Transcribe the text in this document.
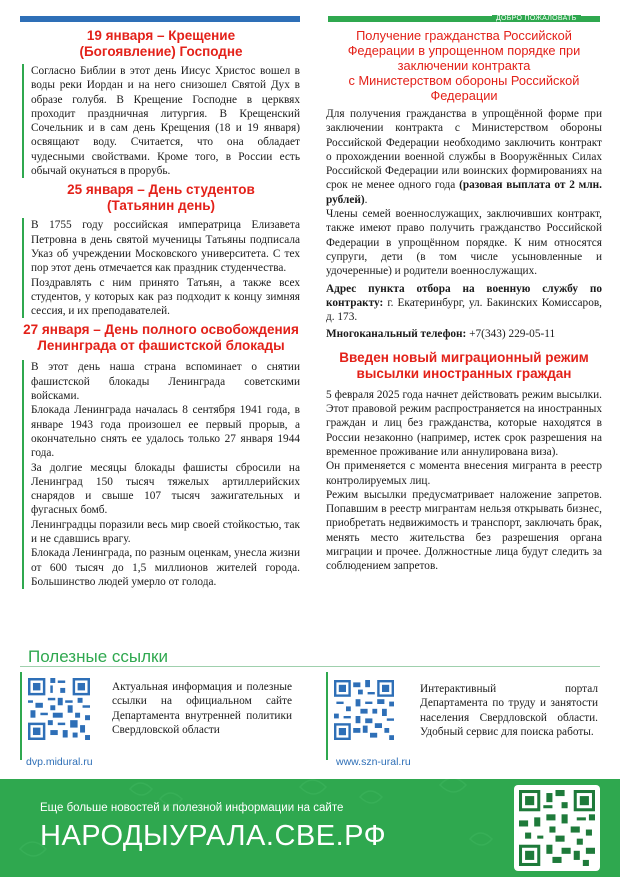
ДОБРО ПОЖАЛОВАТЬ
19 января – Крещение
(Богоявление) Господне

Согласно Библии в этот день Иисус Христос вошел в воды реки Иордан и на него снизошел Святой Дух в образе голубя. В Крещение Господне в церквях проходит праздничная литургия. В Крещенский Сочельник и в сам день Крещения (18 и 19 января) освящают воду. Считается, что она обладает чудесными свойствами. Кроме того, в России есть обычай окунаться в прорубь.

25 января – День студентов
(Татьянин день)

В 1755 году российская императрица Елизавета Петровна в день святой мученицы Татьяны подписала Указ об учреждении Московского университета. С тех пор этот день отмечается как праздник студенчества.

Поздравлять с ним принято Татьян, а также всех студентов, у которых как раз подходит к концу зимняя сессия, и их преподавателей.

27 января – День полного освобождения
Ленинграда от фашистской блокады

В этот день наша страна вспоминает о снятии фашистской блокады Ленинграда советскими войсками.

Блокада Ленинграда началась 8 сентября 1941 года, в январе 1943 года произошел ее первый прорыв, а окончательно снять ее удалось только 27 января 1944 года.

За долгие месяцы блокады фашисты сбросили на Ленинград 150 тысяч тяжелых артиллерийских снарядов и свыше 107 тысяч зажигательных и фугасных бомб.

Ленинградцы поразили весь мир своей стойкостью, так и не сдавшись врагу.

Блокада Ленинграда, по разным оценкам, унесла жизни от 600 тысяч до 1,5 миллионов жителей города. Большинство людей умерло от голода.

Получение гражданства Российской
Федерации в упрощенном порядке при
заключении контракта
с Министерством обороны Российской
Федерации

Для получения гражданства в упрощённой форме при заключении контракта с Министерством обороны Российской Федерации необходимо заключить контракт о прохождении военной службы в Вооружённых Силах Российской Федерации или воинских формированиях на срок не менее одного года (разовая выплата от 2 млн. рублей).

Члены семей военнослужащих, заключивших контракт, также имеют право получить гражданство Российской Федерации в упрощённом порядке. К ним относятся супруги, дети (в том числе усыновленные и удочеренные) и родители военнослужащих.

Адрес пункта отбора на военную службу по контракту: г. Екатеринбург, ул. Бакинских Комиссаров, д. 173.

Многоканальный телефон: +7(343) 229-05-11

Введен новый миграционный режим
высылки иностранных граждан

5 февраля 2025 года начнет действовать режим высылки. Этот правовой режим распространяется на иностранных граждан и лиц без гражданства, которые находятся в России незаконно (например, истек срок разрешения на временное проживание или аннулирована виза).

Он применяется с момента внесения мигранта в реестр контролируемых лиц.

Режим высылки предусматривает наложение запретов. Попавшим в реестр мигрантам нельзя открывать бизнес, приобретать недвижимость и транспорт, заключать брак, менять место жительства без разрешения органа миграции и прочее. Должностные лица будут следить за соблюдением запретов.

Полезные ссылки
Актуальная информация и полезные ссылки на официальном сайте Департамента внутренней политики Свердловской области
dvp.midural.ru
Интерактивный портал Департамента по труду и занятости населения Свердловской области. Удобный сервис для поиска работы.
www.szn-ural.ru
Еще больше новостей и полезной информации на сайте
НАРОДЫУРАЛА.СВЕ.РФ
